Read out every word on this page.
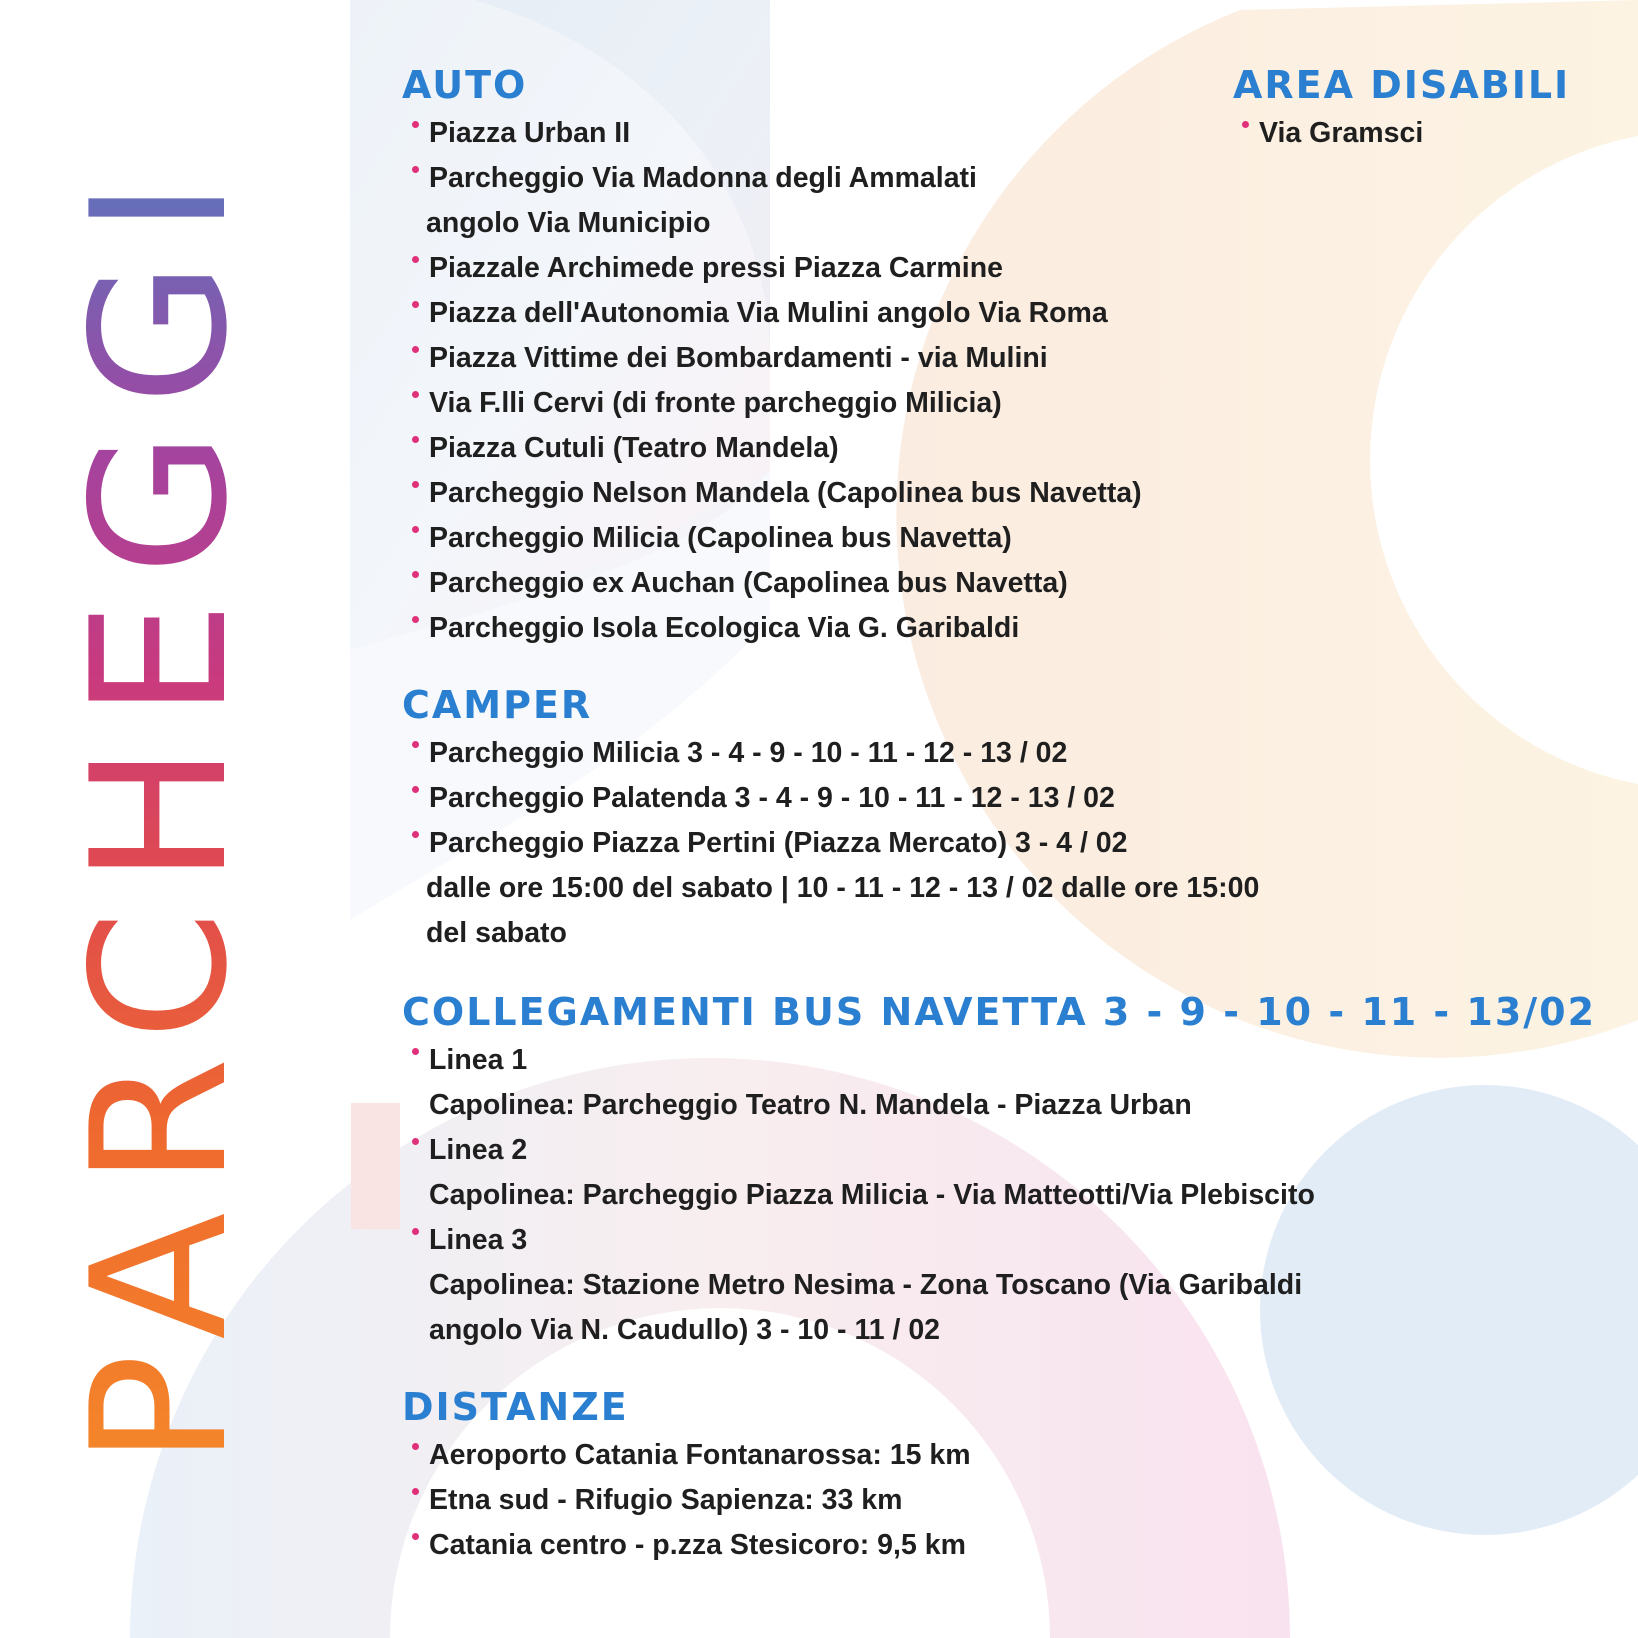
PARCHEGGI
AUTO
Piazza Urban II
Parcheggio Via Madonna degli Ammalati
angolo Via Municipio
Piazzale Archimede pressi Piazza Carmine
Piazza dell'Autonomia Via Mulini angolo Via Roma
Piazza Vittime dei Bombardamenti - via Mulini
Via F.lli Cervi (di fronte parcheggio Milicia)
Piazza Cutuli (Teatro Mandela)
Parcheggio Nelson Mandela (Capolinea bus Navetta)
Parcheggio Milicia (Capolinea bus Navetta)
Parcheggio ex Auchan (Capolinea bus Navetta)
Parcheggio Isola Ecologica Via G. Garibaldi
AREA DISABILI
Via Gramsci
CAMPER
Parcheggio Milicia 3 - 4 - 9 - 10 - 11 - 12 - 13 / 02
Parcheggio Palatenda 3 - 4 - 9 - 10 - 11 - 12 - 13 / 02
Parcheggio Piazza Pertini (Piazza Mercato) 3 - 4 / 02
dalle ore 15:00 del sabato | 10 - 11 - 12 - 13 / 02 dalle ore 15:00
del sabato
COLLEGAMENTI BUS NAVETTA 3 - 9 - 10 - 11 - 13/02
Linea 1
Capolinea: Parcheggio Teatro N. Mandela - Piazza Urban
Linea 2
Capolinea: Parcheggio Piazza Milicia - Via Matteotti/Via Plebiscito
Linea 3
Capolinea: Stazione Metro Nesima - Zona Toscano (Via Garibaldi
angolo Via N. Caudullo) 3 - 10 - 11 / 02
DISTANZE
Aeroporto Catania Fontanarossa: 15 km
Etna sud - Rifugio Sapienza: 33 km
Catania centro - p.zza Stesicoro: 9,5 km
